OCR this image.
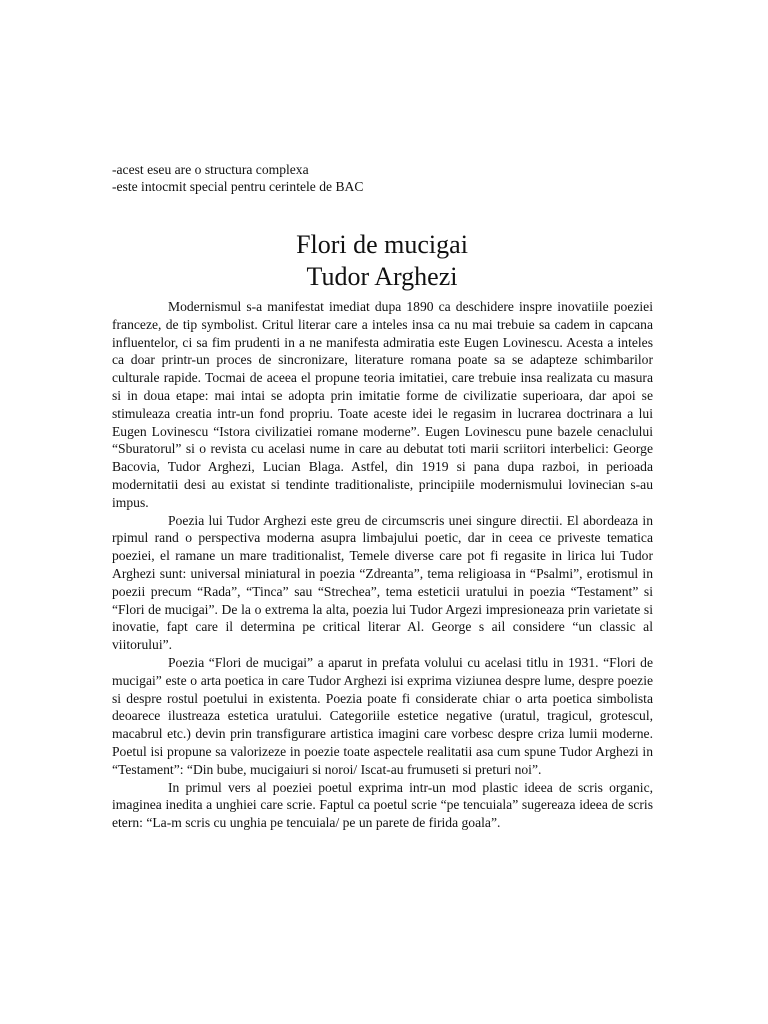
-acest eseu are o structura complexa
-este intocmit special pentru cerintele de BAC
Flori de mucigai
Tudor Arghezi

Modernismul s-a manifestat imediat dupa 1890 ca deschidere inspre inovatiile poeziei franceze, de tip symbolist. Critul literar care a inteles insa ca nu mai trebuie sa cadem in capcana influentelor, ci sa fim prudenti in a ne manifesta admiratia este Eugen Lovinescu. Acesta a inteles ca doar printr-un proces de sincronizare, literature romana poate sa se adapteze schimbarilor culturale rapide. Tocmai de aceea el propune teoria imitatiei, care trebuie insa realizata cu masura si in doua etape: mai intai se adopta prin imitatie forme de civilizatie superioara, dar apoi se stimuleaza creatia intr-un fond propriu. Toate aceste idei le regasim in lucrarea doctrinara a lui Eugen Lovinescu “Istora civilizatiei romane moderne”. Eugen Lovinescu pune bazele cenaclului “Sburatorul” si o revista cu acelasi nume in care au debutat toti marii scriitori interbelici: George Bacovia, Tudor Arghezi, Lucian Blaga. Astfel, din 1919 si pana dupa razboi, in perioada modernitatii desi au existat si tendinte traditionaliste, principiile modernismului lovinecian s-au impus.

Poezia lui Tudor Arghezi este greu de circumscris unei singure directii. El abordeaza in rpimul rand o perspectiva moderna asupra limbajului poetic, dar in ceea ce priveste tematica poeziei, el ramane un mare traditionalist, Temele diverse care pot fi regasite in lirica lui Tudor Arghezi sunt: universal miniatural in poezia “Zdreanta”, tema religioasa in “Psalmi”, erotismul in poezii precum “Rada”, “Tinca” sau “Strechea”, tema esteticii uratului in poezia “Testament” si “Flori de mucigai”. De la o extrema la alta, poezia lui Tudor Argezi impresioneaza prin varietate si inovatie, fapt care il determina pe critical literar Al. George s ail considere “un classic al viitorului”.

Poezia “Flori de mucigai” a aparut in prefata volului cu acelasi titlu in 1931. “Flori de mucigai” este o arta poetica in care Tudor Arghezi isi exprima viziunea despre lume, despre poezie si despre rostul poetului in existenta. Poezia poate fi considerate chiar o arta poetica simbolista deoarece ilustreaza estetica uratului. Categoriile estetice negative (uratul, tragicul, grotescul, macabrul etc.) devin prin transfigurare artistica imagini care vorbesc despre criza lumii moderne. Poetul isi propune sa valorizeze in poezie toate aspectele realitatii asa cum spune Tudor Arghezi in “Testament”: “Din bube, mucigaiuri si noroi/ Iscat-au frumuseti si preturi noi”.

In primul vers al poeziei poetul exprima intr-un mod plastic ideea de scris organic, imaginea inedita a unghiei care scrie. Faptul ca poetul scrie “pe tencuiala” sugereaza ideea de scris etern: “La-m scris cu unghia pe tencuiala/ pe un parete de firida goala”.
